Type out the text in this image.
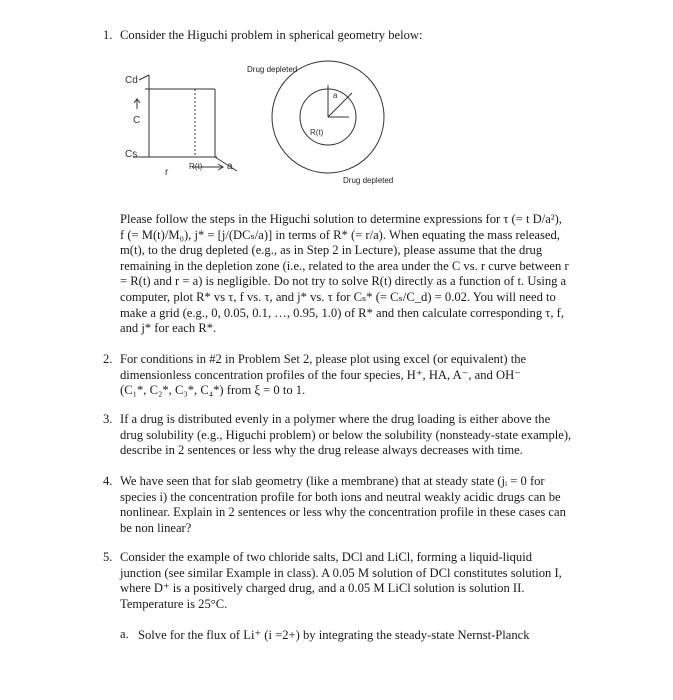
1. Consider the Higuchi problem in spherical geometry below:
Cd
C
Cs
r
R(t) a
a
R(t)
Drug depleted
Drug depleted
Please follow the steps in the Higuchi solution to determine expressions for τ (= t D/a²),
f (= M(t)/M₀), j* = [j/(DCₛ/a)] in terms of R* (= r/a). When equating the mass released,
m(t), to the drug depleted (e.g., as in Step 2 in Lecture), please assume that the drug
remaining in the depletion zone (i.e., related to the area under the C vs. r curve between r
= R(t) and r = a) is negligible. Do not try to solve R(t) directly as a function of t. Using a
computer, plot R* vs τ, f vs. τ, and j* vs. τ for Cₛ* (= Cₛ/C_d) = 0.02. You will need to
make a grid (e.g., 0, 0.05, 0.1, …, 0.95, 1.0) of R* and then calculate corresponding τ, f,
and j* for each R*.
2. For conditions in #2 in Problem Set 2, please plot using excel (or equivalent) the
dimensionless concentration profiles of the four species, H⁺, HA, A⁻, and OH⁻
(C₁*, C₂*, C₃*, C₄*) from ξ = 0 to 1.
3. If a drug is distributed evenly in a polymer where the drug loading is either above the
drug solubility (e.g., Higuchi problem) or below the solubility (nonsteady-state example),
describe in 2 sentences or less why the drug release always decreases with time.
4. We have seen that for slab geometry (like a membrane) that at steady state (jᵢ = 0 for
species i) the concentration profile for both ions and neutral weakly acidic drugs can be
nonlinear. Explain in 2 sentences or less why the concentration profile in these cases can
be non linear?
5. Consider the example of two chloride salts, DCl and LiCl, forming a liquid-liquid
junction (see similar Example in class). A 0.05 M solution of DCl constitutes solution I,
where D⁺ is a positively charged drug, and a 0.05 M LiCl solution is solution II.
Temperature is 25°C.
a. Solve for the flux of Li⁺ (i =2+) by integrating the steady-state Nernst-Planck
